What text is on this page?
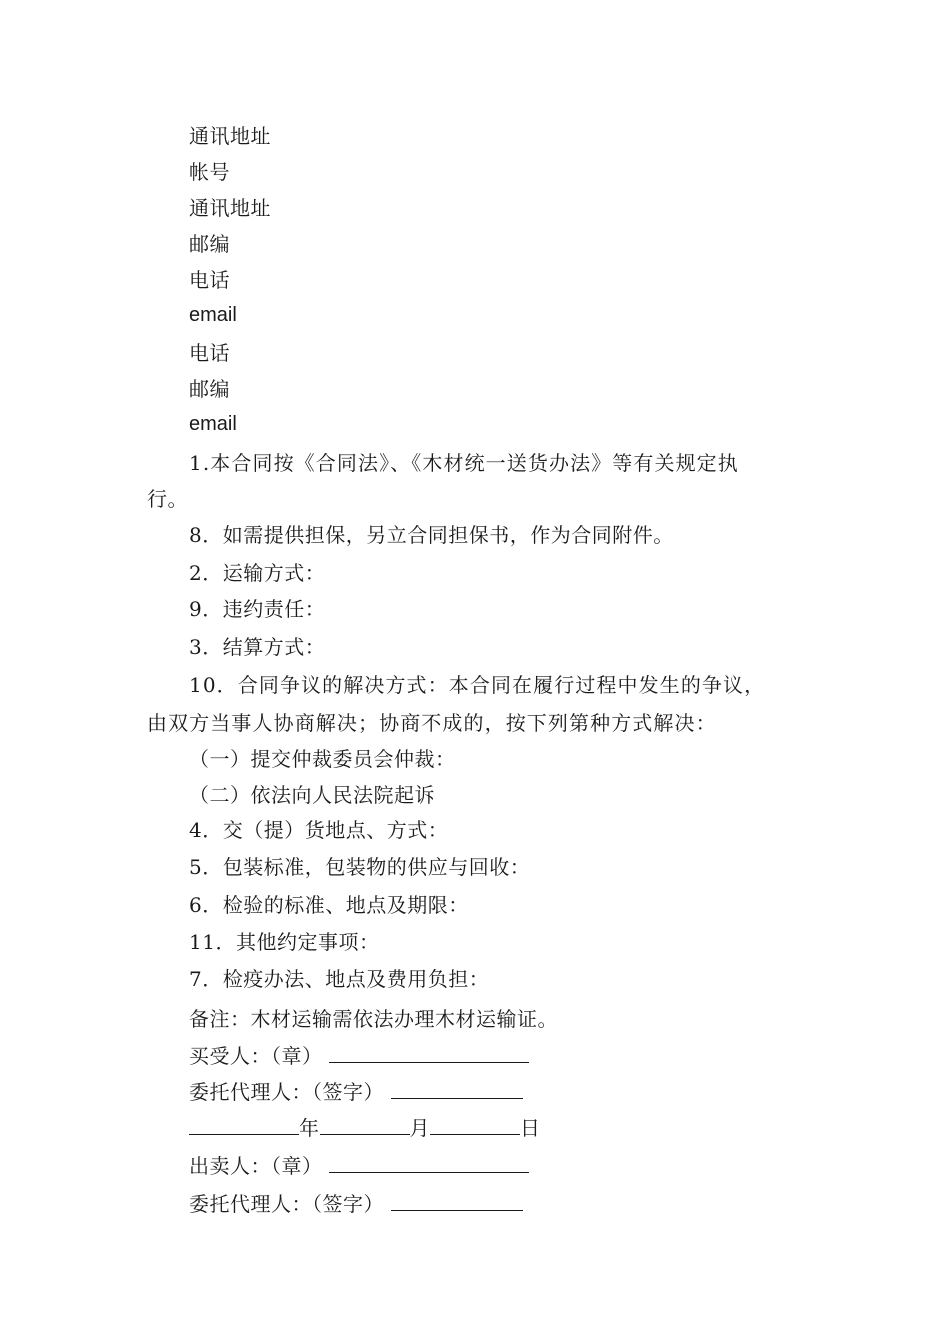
通讯地址
帐号
通讯地址
邮编
电话
email
电话
邮编
email
1.本合同按《合同法》、《木材统一送货办法》等有关规定执
行。
8．如需提供担保，另立合同担保书，作为合同附件。
2．运输方式：
9．违约责任：
3．结算方式：
10．合同争议的解决方式：本合同在履行过程中发生的争议，
由双方当事人协商解决；协商不成的，按下列第种方式解决：
（一）提交仲裁委员会仲裁：
（二）依法向人民法院起诉
4．交（提）货地点、方式：
5．包装标准，包装物的供应与回收：
6．检验的标准、地点及期限：
11．其他约定事项：
7．检疫办法、地点及费用负担：
备注：木材运输需依法办理木材运输证。
买受人：（章）
委托代理人：（签字）
年	月	日
出卖人：（章）
委托代理人：（签字）
